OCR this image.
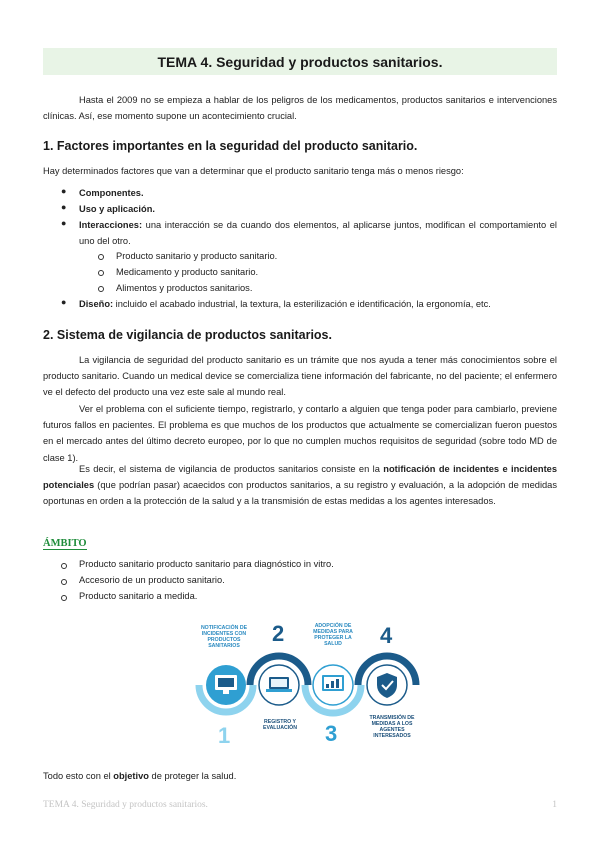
TEMA 4. Seguridad y productos sanitarios.
Hasta el 2009 no se empieza a hablar de los peligros de los medicamentos, productos sanitarios e intervenciones clínicas. Así, ese momento supone un acontecimiento crucial.
1. Factores importantes en la seguridad del producto sanitario.
Hay determinados factores que van a determinar que el producto sanitario tenga más o menos riesgo:
● Componentes.
● Uso y aplicación.
● Interacciones: una interacción se da cuando dos elementos, al aplicarse juntos, modifican el comportamiento el uno del otro.
Producto sanitario y producto sanitario.
Medicamento y producto sanitario.
Alimentos y productos sanitarios.
● Diseño: incluido el acabado industrial, la textura, la esterilización e identificación, la ergonomía, etc.
2. Sistema de vigilancia de productos sanitarios.
La vigilancia de seguridad del producto sanitario es un trámite que nos ayuda a tener más conocimientos sobre el producto sanitario. Cuando un medical device se comercializa tiene información del fabricante, no del paciente; el enfermero ve el defecto del producto una vez este sale al mundo real.
Ver el problema con el suficiente tiempo, registrarlo, y contarlo a alguien que tenga poder para cambiarlo, previene futuros fallos en pacientes. El problema es que muchos de los productos que actualmente se comercializan fueron puestos en el mercado antes del último decreto europeo, por lo que no cumplen muchos requisitos de seguridad (sobre todo MD de clase 1).
Es decir, el sistema de vigilancia de productos sanitarios consiste en la notificación de incidentes e incidentes potenciales (que podrían pasar) acaecidos con productos sanitarios, a su registro y evaluación, a la adopción de medidas oportunas en orden a la protección de la salud y a la transmisión de estas medidas a los agentes interesados.
ÁMBITO
Producto sanitario producto sanitario para diagnóstico in vitro.
Accesorio de un producto sanitario.
Producto sanitario a medida.
NOTIFICACIÓN DE INCIDENTES CON PRODUCTOS SANITARIOS
1
2
REGISTRO Y EVALUACIÓN
ADOPCIÓN DE MEDIDAS PARA PROTEGER LA SALUD
3
4
TRANSMISIÓN DE MEDIDAS A LOS AGENTES INTERESADOS
Todo esto con el objetivo de proteger la salud.
TEMA 4. Seguridad y productos sanitarios.	1
